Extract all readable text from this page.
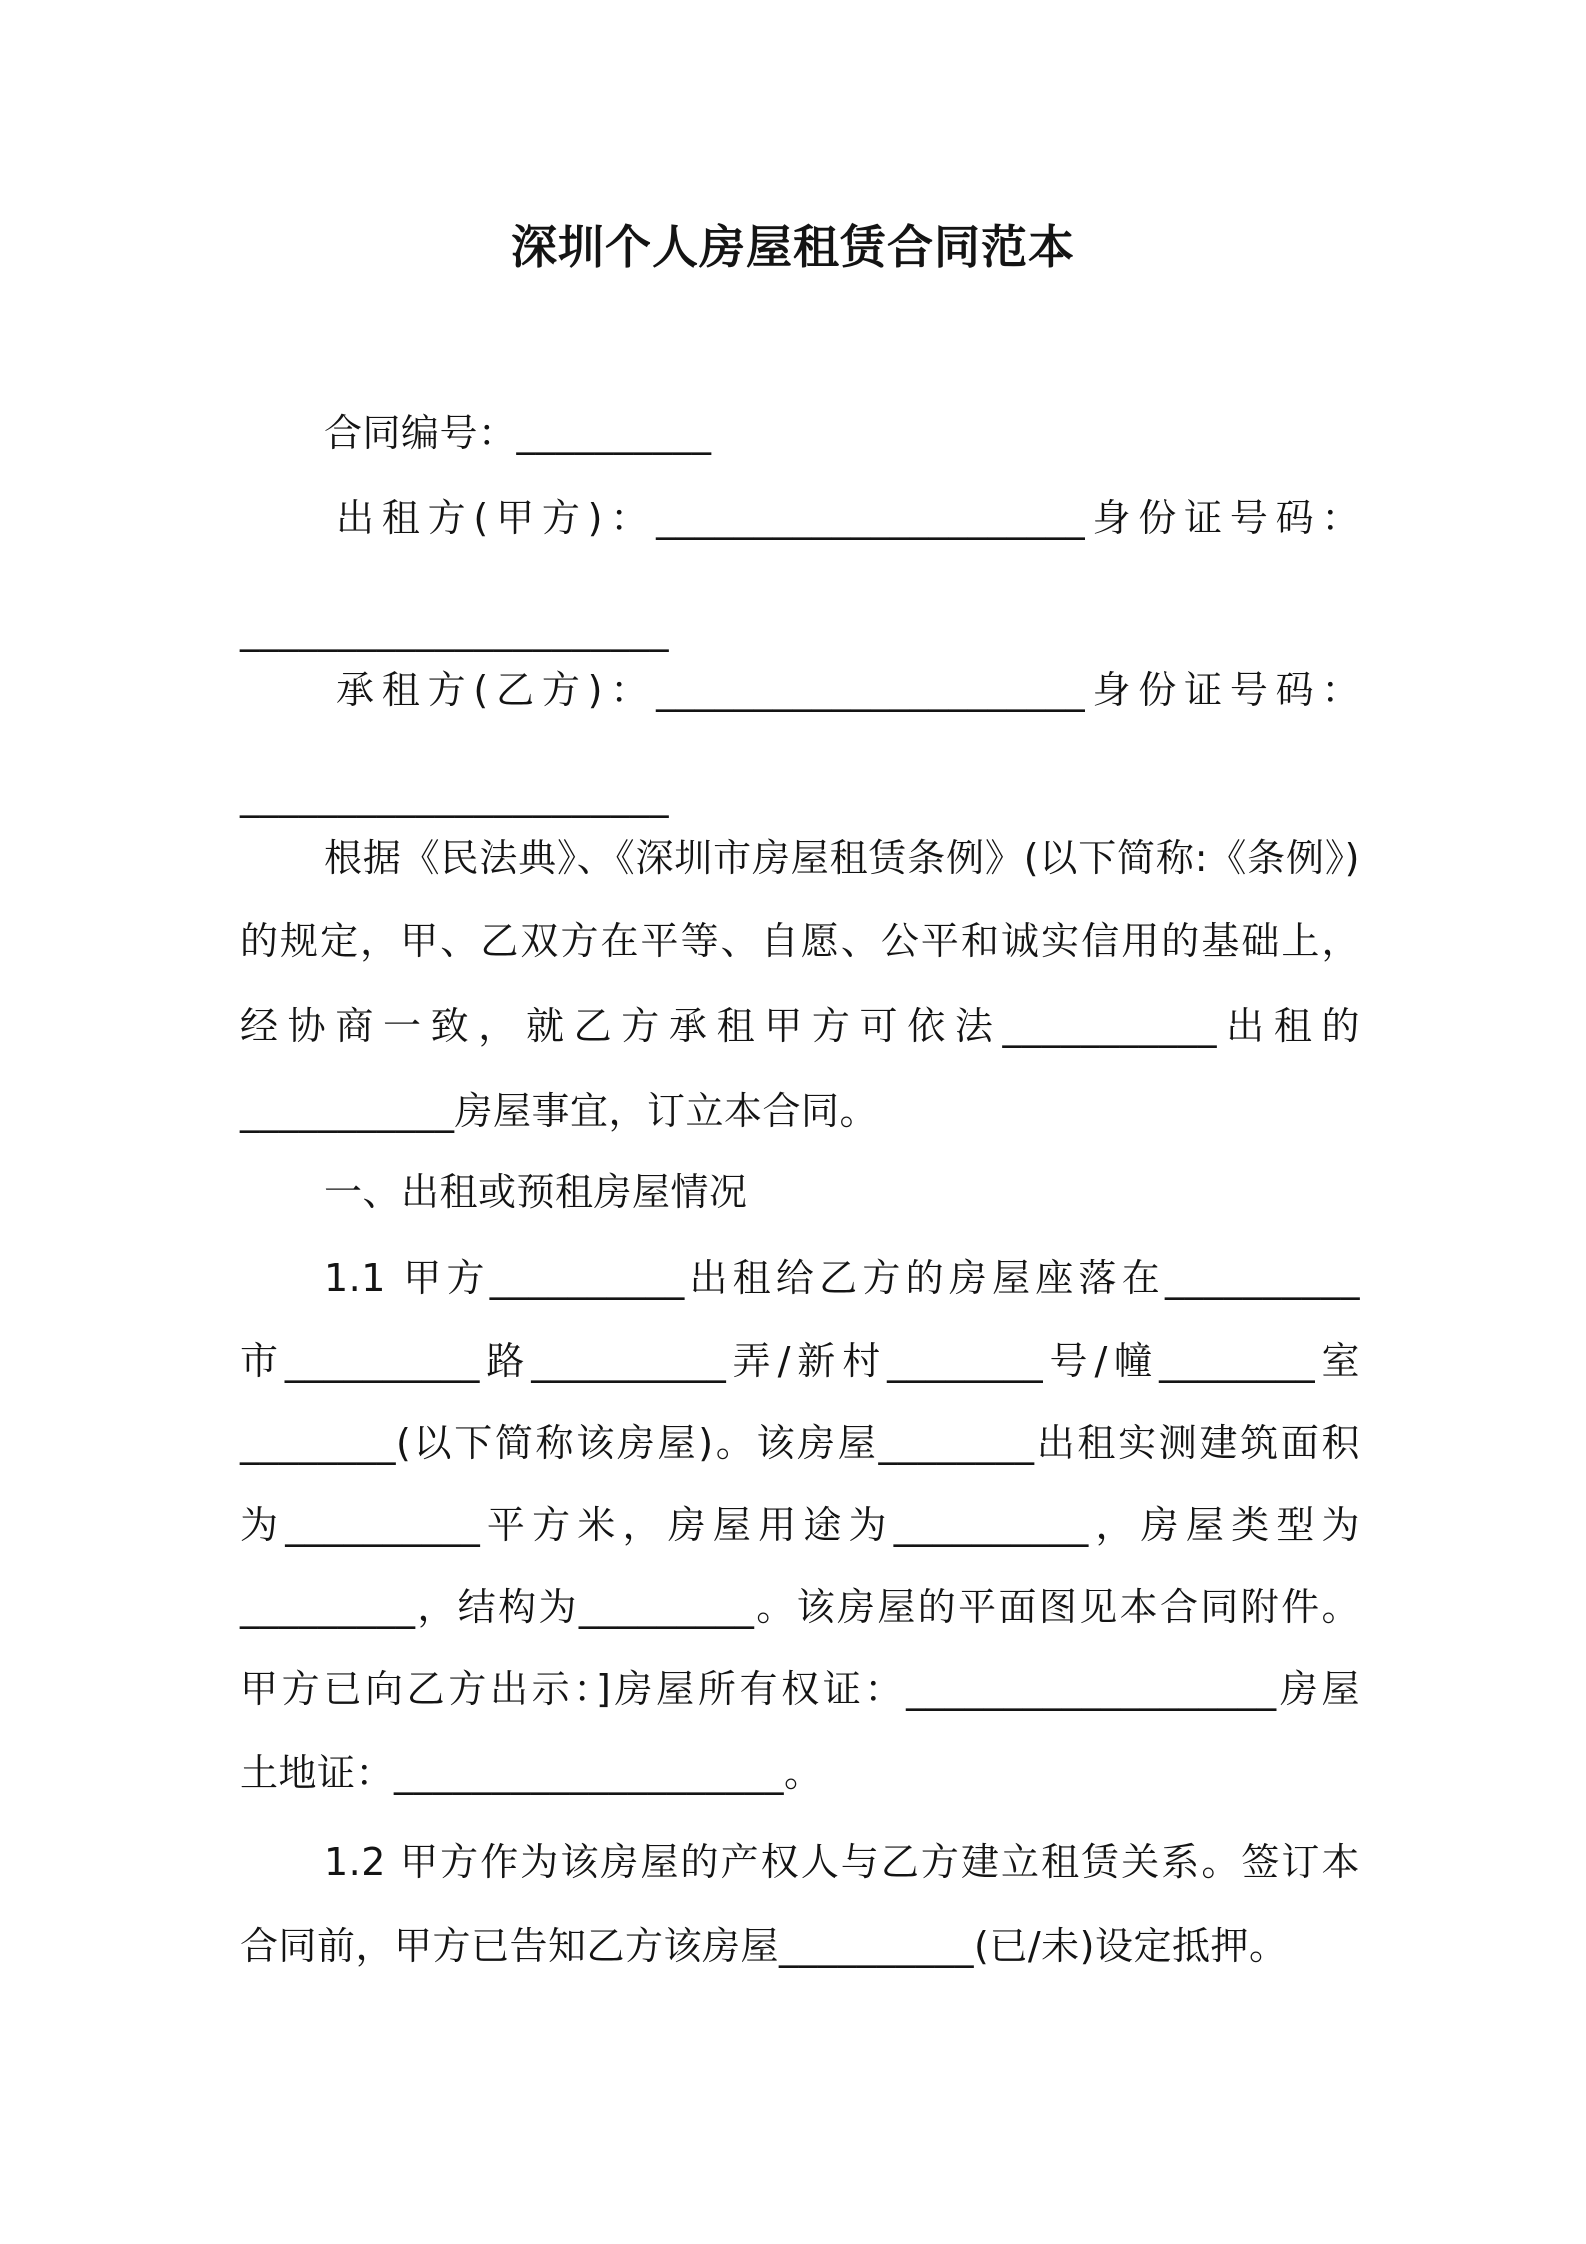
深圳个人房屋租赁合同范本
合同编号：__________
出租方(甲方)：______________________身份证号码：
______________________
承租方(乙方)：______________________身份证号码：
______________________
根据《民法典》、《深圳市房屋租赁条例》(以下简称:《条例》)
的规定，甲、乙双方在平等、自愿、公平和诚实信用的基础上，
经协商一致，就乙方承租甲方可依法___________出租的
___________房屋事宜，订立本合同。
一、出租或预租房屋情况
1.1 甲方__________出租给乙方的房屋座落在__________
市__________路__________弄/新村________号/幢________室
________(以下简称该房屋)。该房屋________出租实测建筑面积
为__________平方米，房屋用途为__________，房屋类型为
_________，结构为_________。该房屋的平面图见本合同附件。
甲方已向乙方出示：]房屋所有权证：___________________房屋
土地证：____________________。
1.2 甲方作为该房屋的产权人与乙方建立租赁关系。签订本
合同前，甲方已告知乙方该房屋__________(已/未)设定抵押。
